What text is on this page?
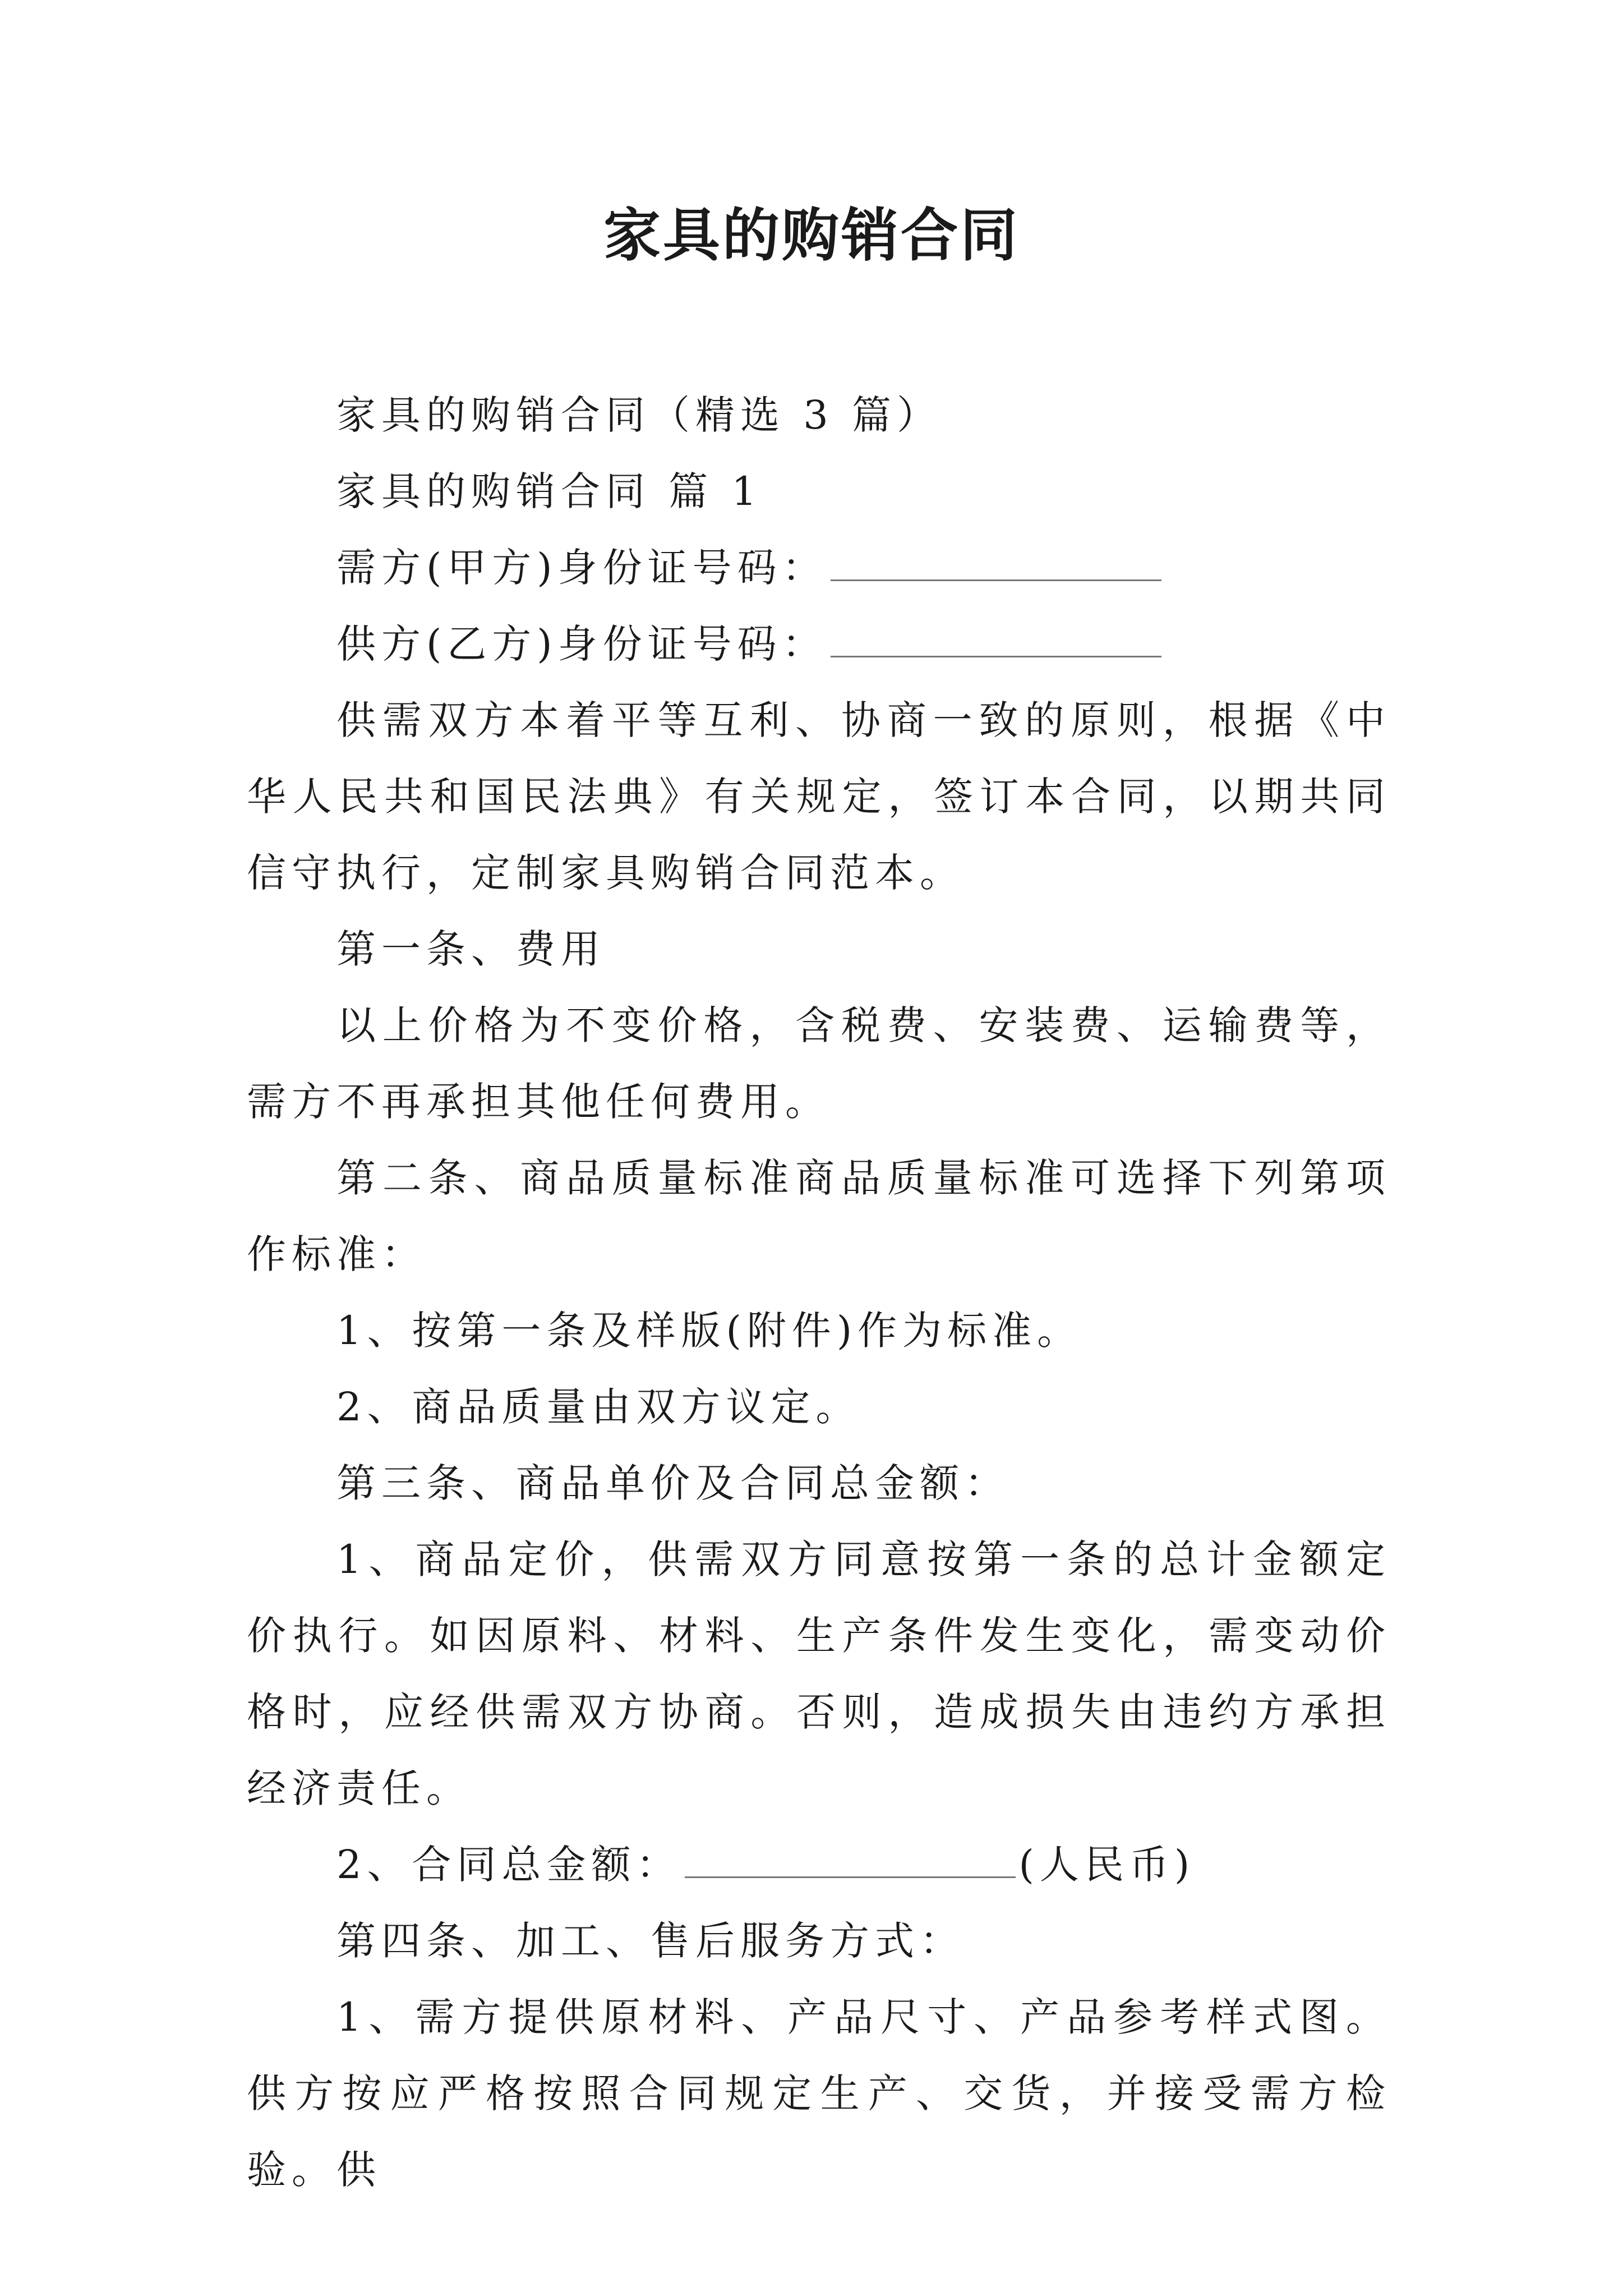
家具的购销合同

家具的购销合同（精选 3 篇）

家具的购销合同 篇 1

需方(甲方)身份证号码：

供方(乙方)身份证号码：

供需双方本着平等互利、协商一致的原则，根据《中华人民共和国民法典》有关规定，签订本合同，以期共同信守执行，定制家具购销合同范本。

第一条、费用

以上价格为不变价格，含税费、安装费、运输费等，需方不再承担其他任何费用。

第二条、商品质量标准商品质量标准可选择下列第项作标准：

1、按第一条及样版(附件)作为标准。

2、商品质量由双方议定。

第三条、商品单价及合同总金额：

1、商品定价，供需双方同意按第一条的总计金额定价执行。如因原料、材料、生产条件发生变化，需变动价格时，应经供需双方协商。否则，造成损失由违约方承担经济责任。

2、合同总金额：	(人民币)

第四条、加工、售后服务方式：

1、需方提供原材料、产品尺寸、产品参考样式图。供方按应严格按照合同规定生产、交货，并接受需方检验。供
